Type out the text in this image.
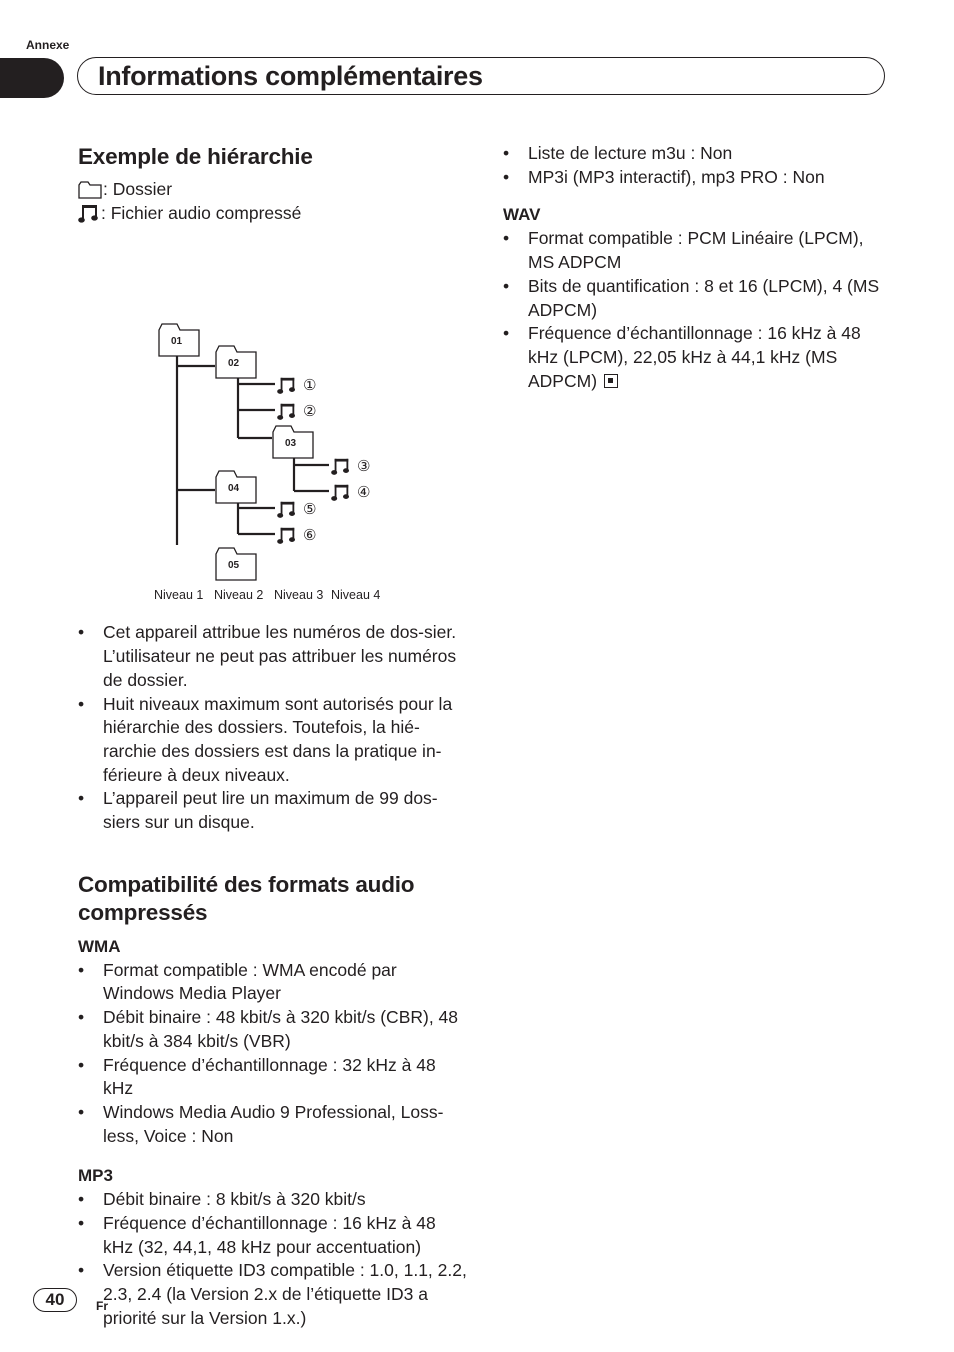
Annexe
Informations complémentaires
Exemple de hiérarchie
: Dossier
: Fichier audio compressé
01
02
03
04
05
①
②
③
④
⑤
⑥
Niveau 1 Niveau 2 Niveau 3 Niveau 4
• Cet appareil attribue les numéros de dos-sier. L’utilisateur ne peut pas attribuer les numéros de dossier.
• Huit niveaux maximum sont autorisés pour la hiérarchie des dossiers. Toutefois, la hié-rarchie des dossiers est dans la pratique in-férieure à deux niveaux.
• L’appareil peut lire un maximum de 99 dos-siers sur un disque.
Compatibilité des formats audio compressés
WMA
• Format compatible : WMA encodé par Windows Media Player
• Débit binaire : 48 kbit/s à 320 kbit/s (CBR), 48 kbit/s à 384 kbit/s (VBR)
• Fréquence d’échantillonnage : 32 kHz à 48 kHz
• Windows Media Audio 9 Professional, Loss-less, Voice : Non
MP3
• Débit binaire : 8 kbit/s à 320 kbit/s
• Fréquence d’échantillonnage : 16 kHz à 48 kHz (32, 44,1, 48 kHz pour accentuation)
• Version étiquette ID3 compatible : 1.0, 1.1, 2.2, 2.3, 2.4 (la Version 2.x de l’étiquette ID3 a priorité sur la Version 1.x.)
• Liste de lecture m3u : Non
• MP3i (MP3 interactif), mp3 PRO : Non
WAV
• Format compatible : PCM Linéaire (LPCM), MS ADPCM
• Bits de quantification : 8 et 16 (LPCM), 4 (MS ADPCM)
• Fréquence d’échantillonnage : 16 kHz à 48 kHz (LPCM), 22,05 kHz à 44,1 kHz (MS ADPCM)
40	Fr
